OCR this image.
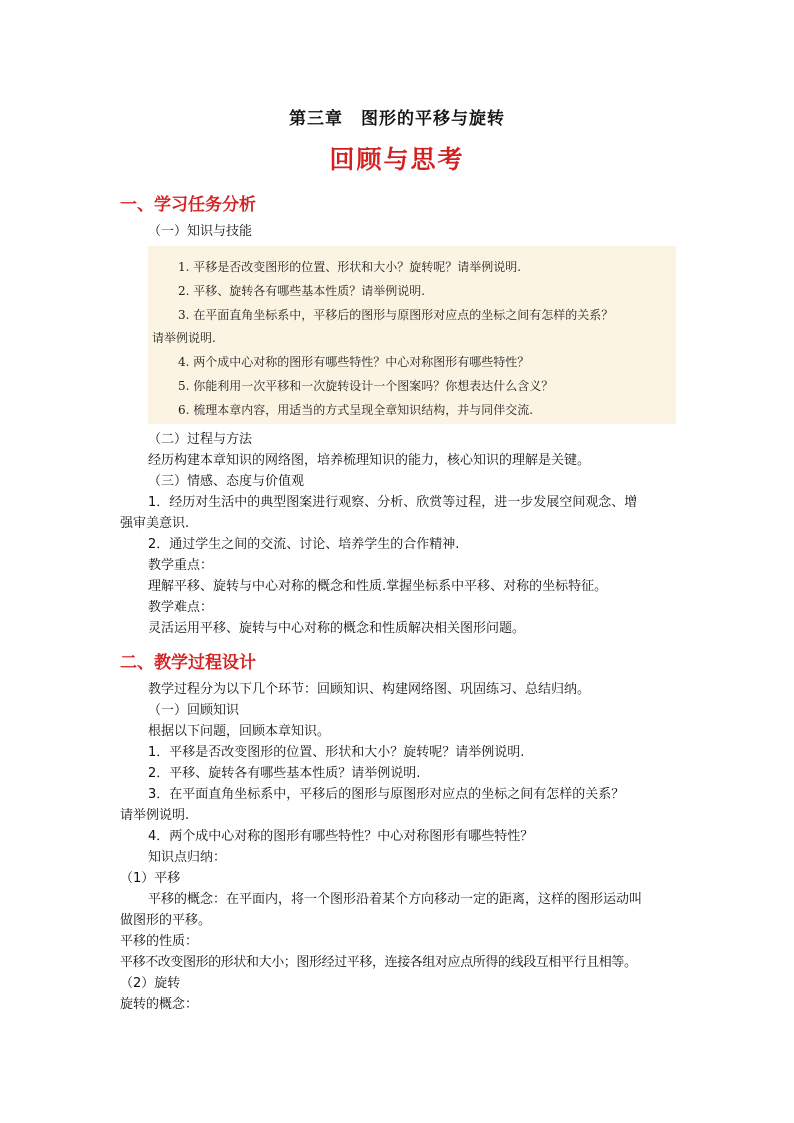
第三章　图形的平移与旋转
回顾与思考
一、学习任务分析
（一）知识与技能
1. 平移是否改变图形的位置、形状和大小？旋转呢？请举例说明.
2. 平移、旋转各有哪些基本性质？请举例说明.
3. 在平面直角坐标系中，平移后的图形与原图形对应点的坐标之间有怎样的关系？
请举例说明.
4. 两个成中心对称的图形有哪些特性？中心对称图形有哪些特性？
5. 你能利用一次平移和一次旋转设计一个图案吗？你想表达什么含义？
6. 梳理本章内容，用适当的方式呈现全章知识结构，并与同伴交流.
（二）过程与方法
经历构建本章知识的网络图，培养梳理知识的能力，核心知识的理解是关键。
（三）情感、态度与价值观
1．经历对生活中的典型图案进行观察、分析、欣赏等过程，进一步发展空间观念、增
强审美意识.
2．通过学生之间的交流、讨论、培养学生的合作精神.
教学重点：
理解平移、旋转与中心对称的概念和性质.掌握坐标系中平移、对称的坐标特征。
教学难点：
灵活运用平移、旋转与中心对称的概念和性质解决相关图形问题。
二、教学过程设计
教学过程分为以下几个环节：回顾知识、构建网络图、巩固练习、总结归纳。
（一）回顾知识
根据以下问题，回顾本章知识。
1．平移是否改变图形的位置、形状和大小？旋转呢？请举例说明.
2．平移、旋转各有哪些基本性质？请举例说明.
3．在平面直角坐标系中，平移后的图形与原图形对应点的坐标之间有怎样的关系？
请举例说明.
4．两个成中心对称的图形有哪些特性？中心对称图形有哪些特性？
知识点归纳：
（1）平移
平移的概念：在平面内，将一个图形沿着某个方向移动一定的距离，这样的图形运动叫
做图形的平移。
平移的性质：
平移不改变图形的形状和大小；图形经过平移，连接各组对应点所得的线段互相平行且相等。
（2）旋转
旋转的概念：
